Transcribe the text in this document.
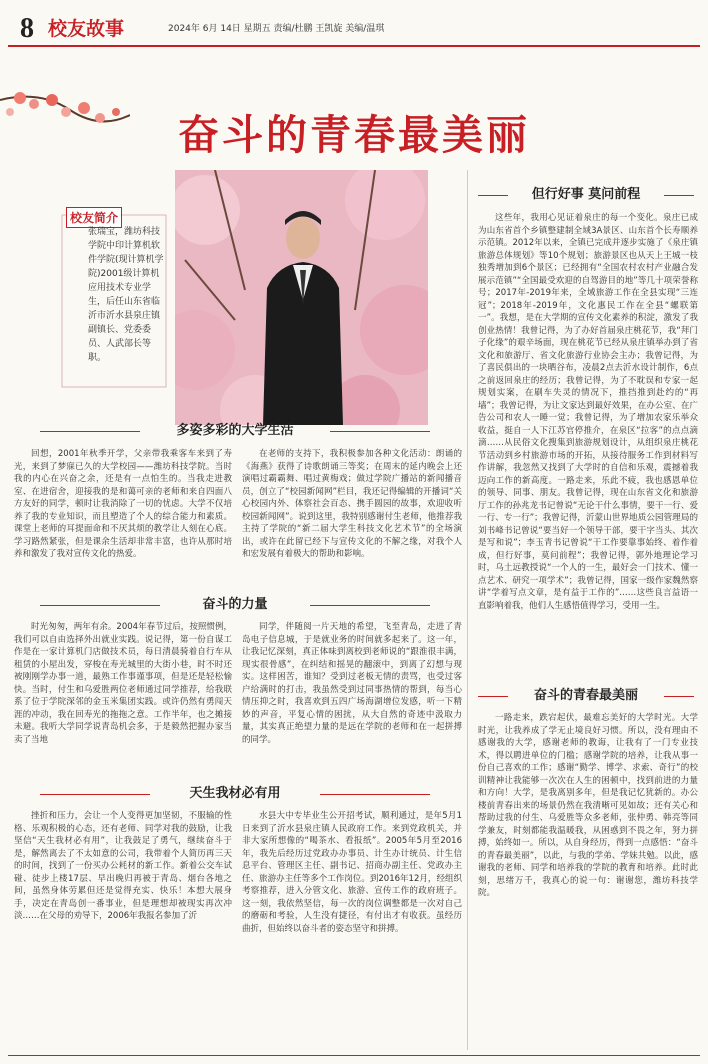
8 校友故事	2024年 6月 14日 星期五 责编/杜鹏 王凯旋 美编/温琪
奋斗的青春最美丽
校友简介
张瑞宝，潍坊科技学院中印计算机软件学院(现计算机学院)2001级计算机应用技术专业学生，后任山东省临沂市沂水县泉庄镇副镇长、党委委员、人武部长等职。
多姿多彩的大学生活

回想，2001年秋季开学，父亲带我乘客车来到了寿光，来到了梦寐已久的大学校园——潍坊科技学院。当时我的内心在兴奋之余，还是有一点怕生的。当我走进教室、在进宿舍，迎接我的是和蔼可亲的老师和来自四面八方友好的同学，顿时让我消除了一切的忧虑。大学不仅培养了我的专业知识，而且塑造了个人的综合能力和素质。课堂上老师的耳提面命和不厌其烦的教学让人刻在心底。学习路然紧张，但是课余生活却非常丰富，也许从那时培养和激发了我对宣传文化的热爱。

在老师的支持下，我积极参加各种文化活动：朗诵的《海燕》获得了诗歌朗诵三等奖；在周末的延内晚会上还演唱过霸霸舞、唱过黄梅戏；做过学院广播站的新闻播音员，创立了“校园新闻网”栏目，我还记得编辑的开播词“关心校园内外、体察社会百态、携手圆园的故事，欢迎收听校园新闻网”。说到这里，我特别感谢付生老师，他推荐我主持了学院的“新二届大学生科技文化艺术节”的全场演出，或许在此留已经下与宣传文化的不解之缘，对我个人和宏发展有着极大的帮助和影响。

奋斗的力量

时光匆匆，两年有余。2004年春节过后，按照惯例，我们可以自由选择外出就业实践。说记得，第一份自谋工作是在一家计算机门店做技术员，每日清晨骑着自行车从租赁的小屋出发，穿梭在寿光城里的大街小巷，时不时还被刚刚学办事一道，最熟工作事谨事项，但是还是轻松愉快。当时，付生和乌爱胜两位老师通过同学推荐，给我联系了位于学院深邻的金玉米集团实践。或许仍然有勇闯天涯的冲动，我在回寿光的拖拖之意。工作半年，也之摊接未避。我听大学同学说青岛机会多，于是毅然把握办家当卖了当地

同学，伴随阅一片天地的希望，飞至青岛，走进了青岛电子信息城，于是就业务的时间就多起来了。这一年，让我记忆深刻，真正体味到离校到老师说的“跟淮很丰满，现实很骨感”，在纠结和摇晃的翻滚中，到离了幻想与现实。这样困苦，谁知？受到过老板无情的责骂，也受过客户给满时的打击，我虽然受到过同事热情的帮到，每当心情压抑之时，我喜欢到五四广场海湖增位发感，听一下精妙的声音，平复心情的困扰，从大自然的奇迹中汲取力量，其实真正绝望力量的是远在学院的老师和在一起拼搏的同学。

天生我材必有用

挫折和压力，会让一个人变得更加坚韧，不服输的性格、乐观积极的心态，还有老师、同学对我的鼓励，让我坚信“天生我材必有用”，让我鼓足了勇气，继续奋斗于是，解然离去了不太如意的公司，我带着个人简历再三天的时间，找到了一份买办公耗材的新工作。新着公交车试碰、徒步上楼17层、早出晚归再被于青岛、烟台各地之间，虽然身体劳累但还是觉得充实、快乐！本想大展身手，决定在青岛创一番事业，但是理想却被现实再次冲淡……在父母的劝导下，2006年我报名参加了沂

水县大中专毕业生公开招考试，顺利通过，是年5月1日来到了沂水县泉庄镇人民政府工作。来到党政机关，并非大家所想像的“喝茶水、看报纸”。2005年5月至2016年，我先后经历过党政办办事员、计生办计统员、计生信息平台、管理区主任、副书记、招商办副主任、党政办主任、旅游办主任等多个工作岗位。到2016年12月，经组织考察推荐，进入分管文化、旅游、宣传工作的政府班子。这一刻，我依然坚信，每一次的岗位调整都是一次对自己的磨砺和考验，人生没有捷径，有付出才有收获。虽经历曲折，但始终以奋斗者的姿态坚守和拼搏。

但行好事 莫问前程

这些年，我用心见证着泉庄的每一个变化。泉庄已成为山东省首个乡镇整建制全域3A景区、山东首个长寿顺养示范镇。2012年以来，全镇已完成并逐步实施了《泉庄镇旅游总体规划》等10个规划；旅游景区也从天上王城一枝独秀增加到6个景区；已经拥有“全国农村农村产业融合发展示范镇”“全国最受欢迎的自驾游目的地”等几十项荣誉称号；2017年-2019年来，全域旅游工作在全县实现“三连冠”；2018年-2019年，文化惠民工作在全县“螺联第一”。我想，是在大学期的宣传文化素养的积淀，激发了我创业热情！我曾记得，为了办好首届泉庄桃花节，我“拜门子化缘”的艰辛场面，现在桃花节已经从泉庄镇举办到了省文化和旅游厅、省文化旅游行业协会主办；我曾记得，为了喜民俱出的一块晒谷布，凌晨2点去沂水设计制作，6点之前返回泉庄的经历；我曾记得，为了不耽误和专家一起规划实案，在刷车失灵的情况下，推挡推到赴约的“再墙”；我曾记得，为让文家达到最好效果，在办公室、在广告公司和农人一睡一觉；我曾记得，为了增加农家乐举众收益，挺自一人下江苏官停推介，在泉区“拉客”的点点滴滴……从民俗文化搜集到旅游规划设计，从组织泉庄桃花节活动到乡村旅游市场的开拓，从接待服务工作到材料写作讲解，我忽然又找到了大学时的自信和乐观，震撼着我迈向工作的新高度。一路走来，乐此不疲，我也感恩单位的领导、同事、朋友。我曾记得，现在山东省文化和旅游厅工作的孙兆龙书记曾说“无论干什么事情，要干一行、爱一行、专一行”；我曾记得，沂蒙山世界地质公园管理局的刘书峰书记曾说“要当好一个领导干部，要干字当头、其次是写和说”；李玉青书记曾说“干工作要靠事始终、着作着成，但行好事，莫问前程”；我曾记得，郭外地理论学习时，乌土远教授说“一个人的一生，最好会一门技术、懂一点艺术、研究一项学术”；我曾记得，国家一级作家魏然察讲“学着写点文章，是有益于工作的”……这些良言益语一直影响着我，他们人生感悟值得学习，受用一生。

奋斗的青春最美丽

一路走来，跌宕起伏，最难忘美好的大学时光。大学时光，让我养成了学无止境良好习惯。所以，没有理由不感谢我的大学，感谢老师的教诲，让我有了一门专业技术，得以聘进单位的门槛；感谢学院的培养，让我从事一份自己喜欢的工作；感谢“勤学、博学、求索、奇行”的校训精神让我能够一次次在人生的困顿中，找到前进的力量和方向！大学，是我离别多年，但是我记忆犹新的。办公楼前青春出来的场景仍然在我清晰可见如故；还有关心和帮助过我的付生、乌爱胜等众多老师，张仲勇、韩亮等同学兼友，时刻都能我温暖我，从困惑到不畏之年，努力拼搏，始终如一。所以，从自身经历，得到一点感悟：“奋斗的青春最美丽”，以此，与我的学弟、学妹共勉。以此，感谢我的老师、同学和培养我的学院的教育和培养。此时此刻，思绪万千，我真心的说一句：谢谢您，潍坊科技学院。
